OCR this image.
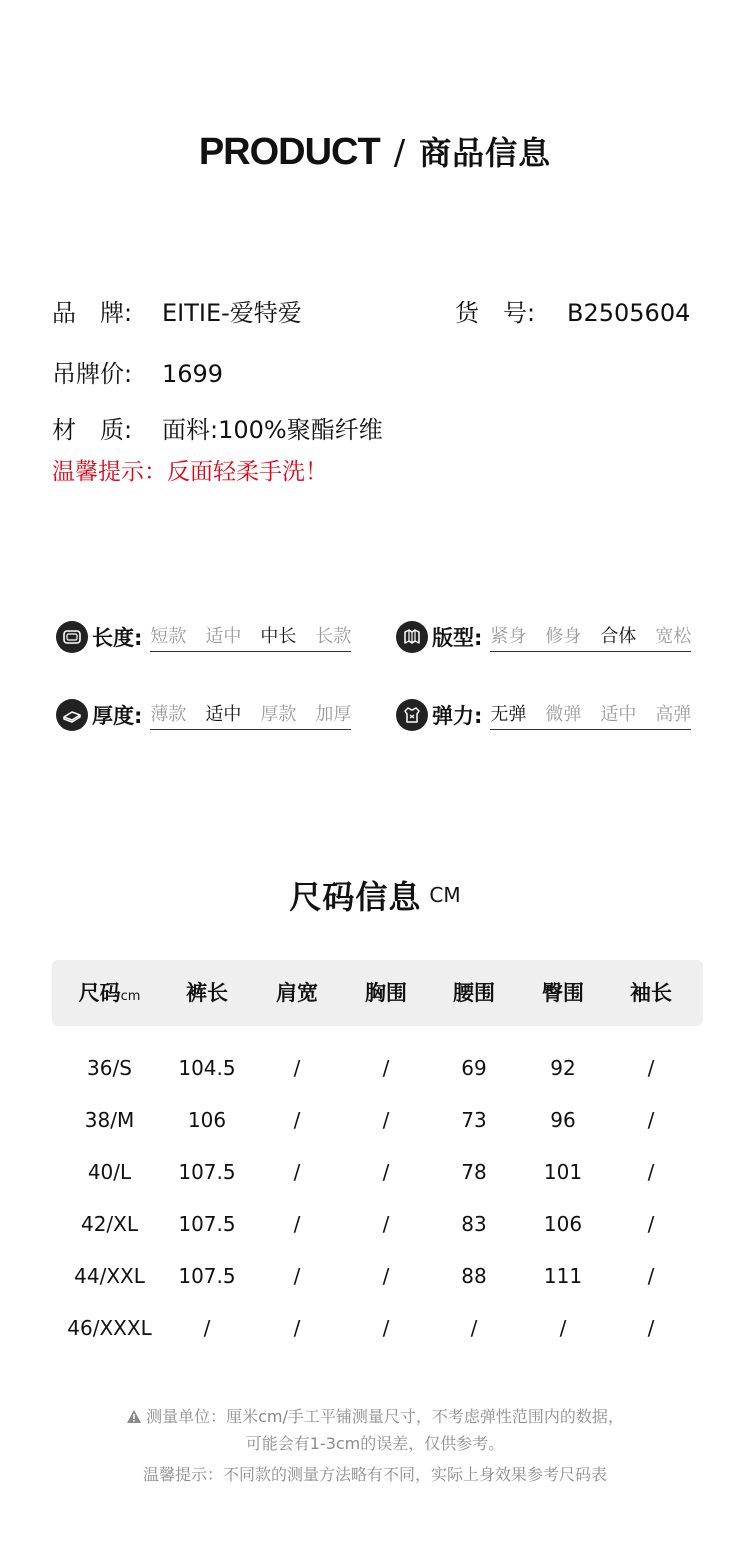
PRODUCT / 商品信息
品　牌: EITIE-爱特爱	货　号: B2505604
吊牌价: 1699
材　质: 面料:100%聚酯纤维
温馨提示：反面轻柔手洗！
长度: 短款 适中 中长 长款	版型: 紧身 修身 合体 宽松
厚度: 薄款 适中 厚款 加厚	弹力: 无弹 微弹 适中 高弹
尺码信息 CM
尺码cm	裤长	肩宽	胸围	腰围	臀围	袖长
36/S	104.5	/	/	69	92	/
38/M	106	/	/	73	96	/
40/L	107.5	/	/	78	101	/
42/XL	107.5	/	/	83	106	/
44/XXL	107.5	/	/	88	111	/
46/XXXL	/	/	/	/	/	/
测量单位：厘米cm/手工平铺测量尺寸，不考虑弹性范围内的数据，
可能会有1-3cm的误差，仅供参考。
温馨提示：不同款的测量方法略有不同，实际上身效果参考尺码表
